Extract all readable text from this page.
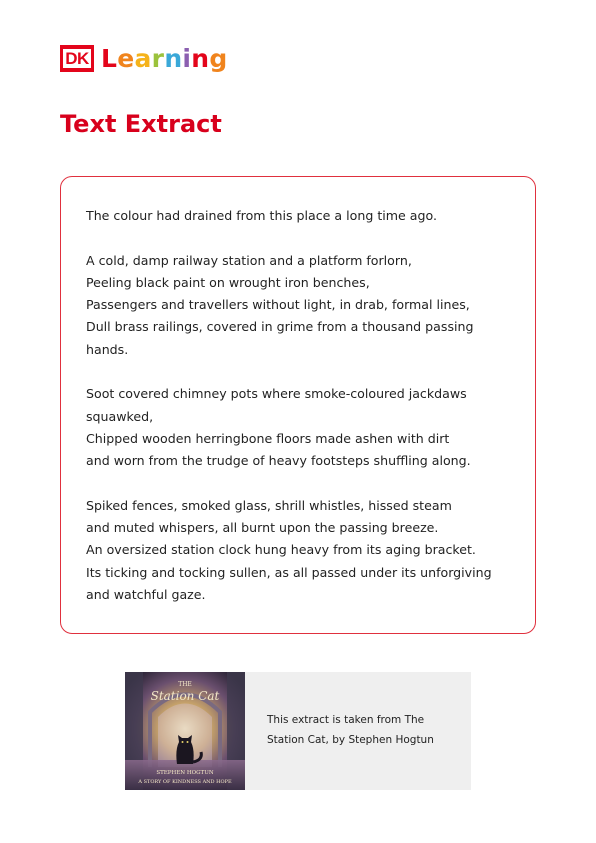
DK Learning
Text Extract
The colour had drained from this place a long time ago.
A cold, damp railway station and a platform forlorn,
Peeling black paint on wrought iron benches,
Passengers and travellers without light, in drab, formal lines,
Dull brass railings, covered in grime from a thousand passing
hands.
Soot covered chimney pots where smoke-coloured jackdaws
squawked,
Chipped wooden herringbone floors made ashen with dirt
and worn from the trudge of heavy footsteps shuffling along.
Spiked fences, smoked glass, shrill whistles, hissed steam
and muted whispers, all burnt upon the passing breeze.
An oversized station clock hung heavy from its aging bracket.
Its ticking and tocking sullen, as all passed under its unforgiving
and watchful gaze.
THE
Station Cat
STEPHEN HOGTUN
A STORY OF KINDNESS AND HOPE
This extract is taken from The Station Cat, by Stephen Hogtun
